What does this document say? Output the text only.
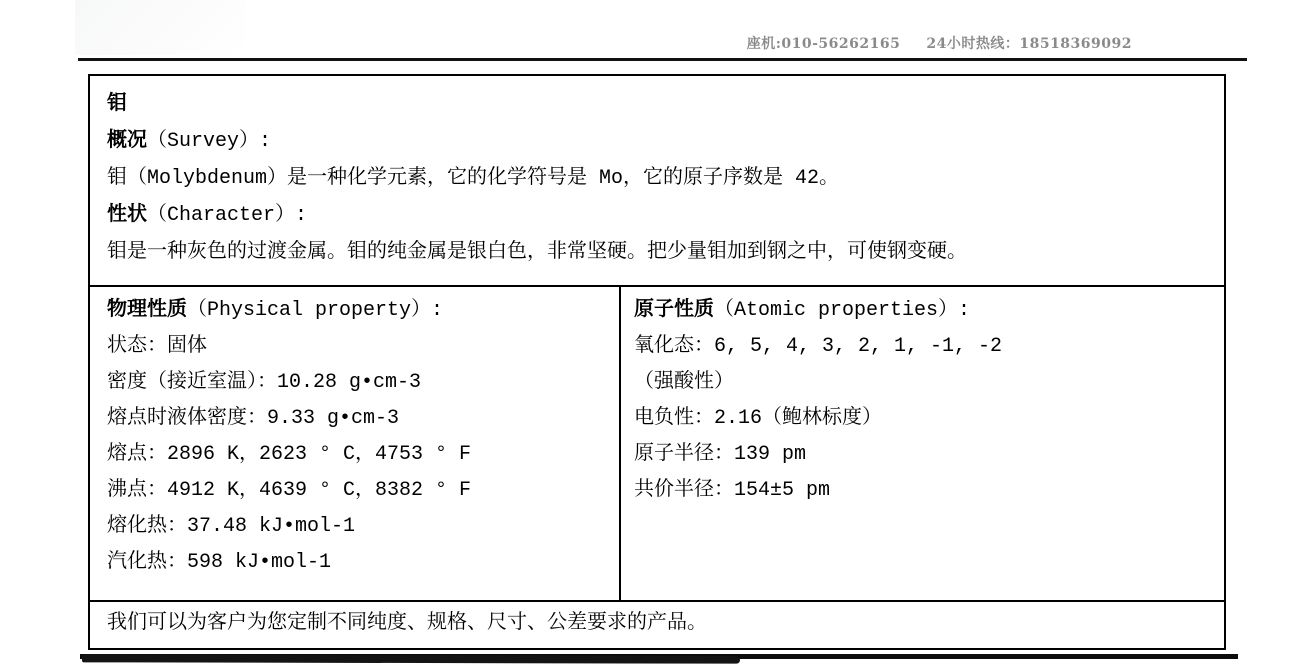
座机:010-56262165 24小时热线：18518369092
钼
概况（Survey）:
钼（Molybdenum）是一种化学元素，它的化学符号是 Mo，它的原子序数是 42。
性状（Character）:
钼是一种灰色的过渡金属。钼的纯金属是银白色，非常坚硬。把少量钼加到钢之中，可使钢变硬。
物理性质（Physical property）:
状态：固体
密度（接近室温）：10.28 g•cm-3
熔点时液体密度：9.33 g•cm-3
熔点：2896 K，2623 ° C，4753 ° F
沸点：4912 K，4639 ° C，8382 ° F
熔化热：37.48 kJ•mol-1
汽化热：598 kJ•mol-1
原子性质（Atomic properties）:
氧化态：6, 5, 4, 3, 2, 1, -1, -2
（强酸性）
电负性：2.16（鲍林标度）
原子半径：139 pm
共价半径：154±5 pm
我们可以为客户为您定制不同纯度、规格、尺寸、公差要求的产品。
